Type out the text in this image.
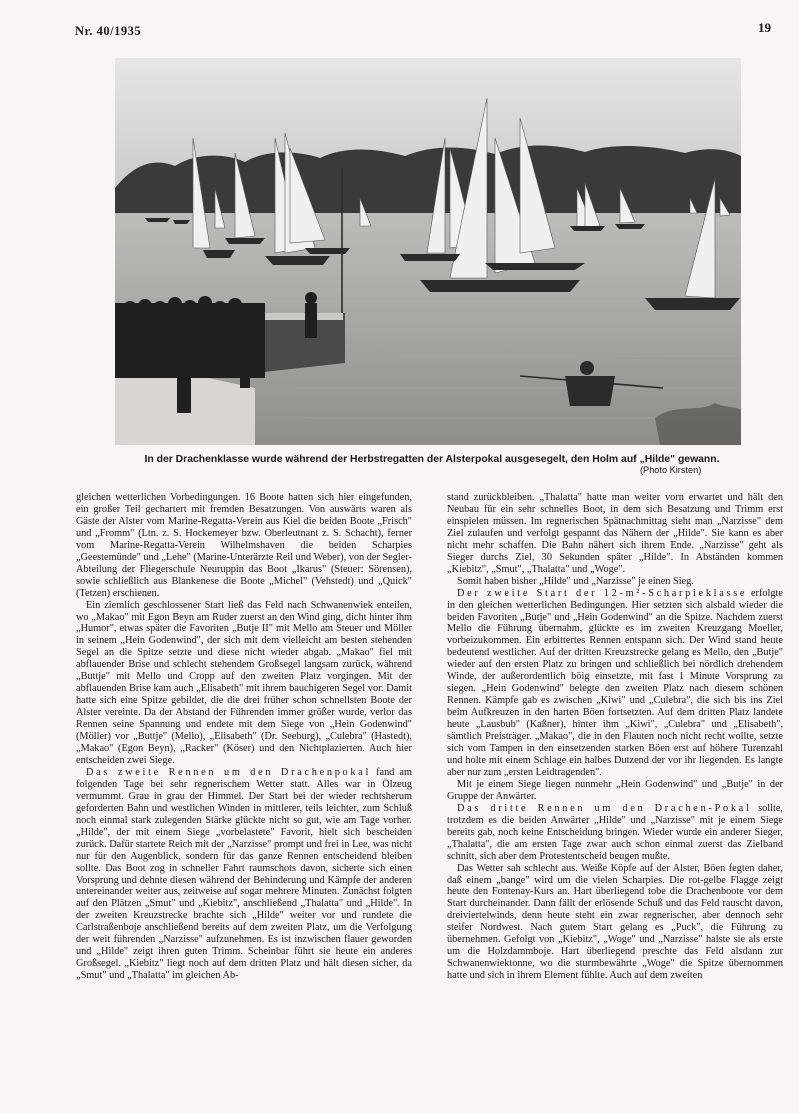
Nr. 40/1935	19
In der Drachenklasse wurde während der Herbstregatten der Alsterpokal ausgesegelt, den Holm auf „Hilde" gewann.
(Photo Kirsten)

gleichen wetterlichen Vorbedingungen. 16 Boote hatten sich hier eingefunden, ein großer Teil gechartert mit fremden Besatzungen. Von auswärts waren als Gäste der Alster vom Marine-Regatta-Verein aus Kiel die beiden Boote „Frisch" und „Fromm" (Ltn. z. S. Hockemeyer bzw. Oberleutnant z. S. Schacht), ferner vom Marine-Regatta-Verein Wilhelmshaven die beiden Scharpies „Geestemünde" und „Lehe" (Marine-Unterärzte Reil und Weber), von der Segler-Abteilung der Fliegerschule Neuruppin das Boot „Ikarus" (Steuer: Sörensen), sowie schließlich aus Blankenese die Boote „Michel" (Vehstedt) und „Quick" (Tetzen) erschienen.

Ein ziemlich geschlossener Start ließ das Feld nach Schwanenwiek enteilen, wo „Makao" mit Egon Beyn am Ruder zuerst an den Wind ging, dicht hinter ihm „Humor", etwas später die Favoriten „Butje II" mit Mello am Steuer und Möller in seinem „Hein Godenwind", der sich mit dem vielleicht am besten stehenden Segel an die Spitze setzte und diese nicht wieder abgab. „Makao" fiel mit abflauender Brise und schlecht stehendem Großsegel langsam zurück, während „Buttje" mit Mello und Cropp auf den zweiten Platz vorgingen. Mit der abflauenden Brise kam auch „Elisabeth" mit ihrem bauchigeren Segel vor. Damit hatte sich eine Spitze gebildet, die die drei früher schon schnellsten Boote der Alster vereinte. Da der Abstand der Führenden immer größer wurde, verlor das Rennen seine Spannung und endete mit dem Siege von „Hein Godenwind" (Möller) vor „Buttje" (Mello), „Elisabeth" (Dr. Seeburg), „Culebra" (Hastedt), „Makao" (Egon Beyn), „Racker" (Köser) und den Nichtplazierten. Auch hier entscheiden zwei Siege.

Das zweite Rennen um den Drachenpokal fand am folgenden Tage bei sehr regnerischem Wetter statt. Alles war in Ölzeug vermummt. Grau in grau der Himmel. Der Start bei der wieder rechtsherum geforderten Bahn und westlichen Winden in mittlerer, teils leichter, zum Schluß noch einmal stark zulegenden Stärke glückte nicht so gut, wie am Tage vorher. „Hilde", der mit einem Siege „vorbelastete" Favorit, hielt sich bescheiden zurück. Dafür startete Reich mit der „Narzisse" prompt und frei in Lee, was nicht nur für den Augenblick, sondern für das ganze Rennen entscheidend bleiben sollte. Das Boot zog in schneller Fahrt raumschots davon, sicherte sich einen Vorsprung und dehnte diesen während der Behinderung und Kämpfe der anderen untereinander weiter aus, zeitweise auf sogar mehrere Minuten. Zunächst folgten auf den Plätzen „Smut" und „Kiebitz", anschließend „Thalatta" und „Hilde". In der zweiten Kreuzstrecke brachte sich „Hilde" weiter vor und rundete die Carlstraßenboje anschließend bereits auf dem zweiten Platz, um die Verfolgung der weit führenden „Narzisse" aufzunehmen. Es ist inzwischen flauer geworden und „Hilde" zeigt ihren guten Trimm. Scheinbar führt sie heute ein anderes Großsegel. „Kiebitz" liegt noch auf dem dritten Platz und hält diesen sicher, da „Smut" und „Thalatta" im gleichen Ab-

stand zurückbleiben. „Thalatta" hatte man weiter vorn erwartet und hält den Neubau für ein sehr schnelles Boot, in dem sich Besatzung und Trimm erst einspielen müssen. Im regnerischen Spätnachmittag sieht man „Narzisse" dem Ziel zulaufen und verfolgt gespannt das Nähern der „Hilde". Sie kann es aber nicht mehr schaffen. Die Bahn nähert sich ihrem Ende. „Narzisse" geht als Sieger durchs Ziel, 30 Sekunden später „Hilde". In Abständen kommen „Kiebitz", „Smut", „Thalatta" und „Woge".

Somit haben bisher „Hilde" und „Narzisse" je einen Sieg.

Der zweite Start der 12-m²-Scharpieklasse erfolgte in den gleichen wetterlichen Bedingungen. Hier setzten sich alsbald wieder die beiden Favoriten „Butje" und „Hein Godenwind" an die Spitze. Nachdem zuerst Mello die Führung übernahm, glückte es im zweiten Kreuzgang Moeller, vorbeizukommen. Ein erbittertes Rennen entspann sich. Der Wind stand heute bedeutend westlicher. Auf der dritten Kreuzstrecke gelang es Mello, den „Butje" wieder auf den ersten Platz zu bringen und schließlich bei nördlich drehendem Winde, der außerordentlich böig einsetzte, mit fast 1 Minute Vorsprung zu siegen. „Hein Godenwind" belegte den zweiten Platz nach diesem schönen Rennen. Kämpfe gab es zwischen „Kiwi" und „Culebra", die sich bis ins Ziel beim Aufkreuzen in den harten Böen fortsetzten. Auf dem dritten Platz landete heute „Lausbub" (Kaßner), hinter ihm „Kiwi", „Culebra" und „Elisabeth", sämtlich Preisträger. „Makao", die in den Flauten noch nicht recht wollte, setzte sich vom Tampen in den einsetzenden starken Böen erst auf höhere Turenzahl und holte mit einem Schlage ein halbes Dutzend der vor ihr liegenden. Es langte aber nur zum „ersten Leidtragenden".

Mit je einem Siege liegen nunmehr „Hein Godenwind" und „Butje" in der Gruppe der Anwärter.

Das dritte Rennen um den Drachen-Pokal sollte, trotzdem es die beiden Anwärter „Hilde" und „Narzisse" mit je einem Siege bereits gab, noch keine Entscheidung bringen. Wieder wurde ein anderer Sieger, „Thalatta", die am ersten Tage zwar auch schon einmal zuerst das Zielband schnitt, sich aber dem Protestentscheid beugen mußte.

Das Wetter sah schlecht aus. Weiße Köpfe auf der Alster, Böen fegten daher, daß einem „bange" wird um die vielen Scharpies. Die rot-gelbe Flagge zeigt heute den Fontenay-Kurs an. Hart überliegend tobe die Drachenboote vor dem Start durcheinander. Dann fällt der erlösende Schuß und das Feld rauscht davon, dreiviertelwinds, denn heute steht ein zwar regnerischer, aber dennoch sehr steifer Nordwest. Nach gutem Start gelang es „Puck", die Führung zu übernehmen. Gefolgt von „Kiebitz", „Woge" und „Narzisse" halste sie als erste um die Holzdammboje. Hart überliegend preschte das Feld alsdann zur Schwanenwiektonne, wo die sturmbewährte „Woge" die Spitze übernommen hatte und sich in ihrem Element fühlte. Auch auf dem zweiten
